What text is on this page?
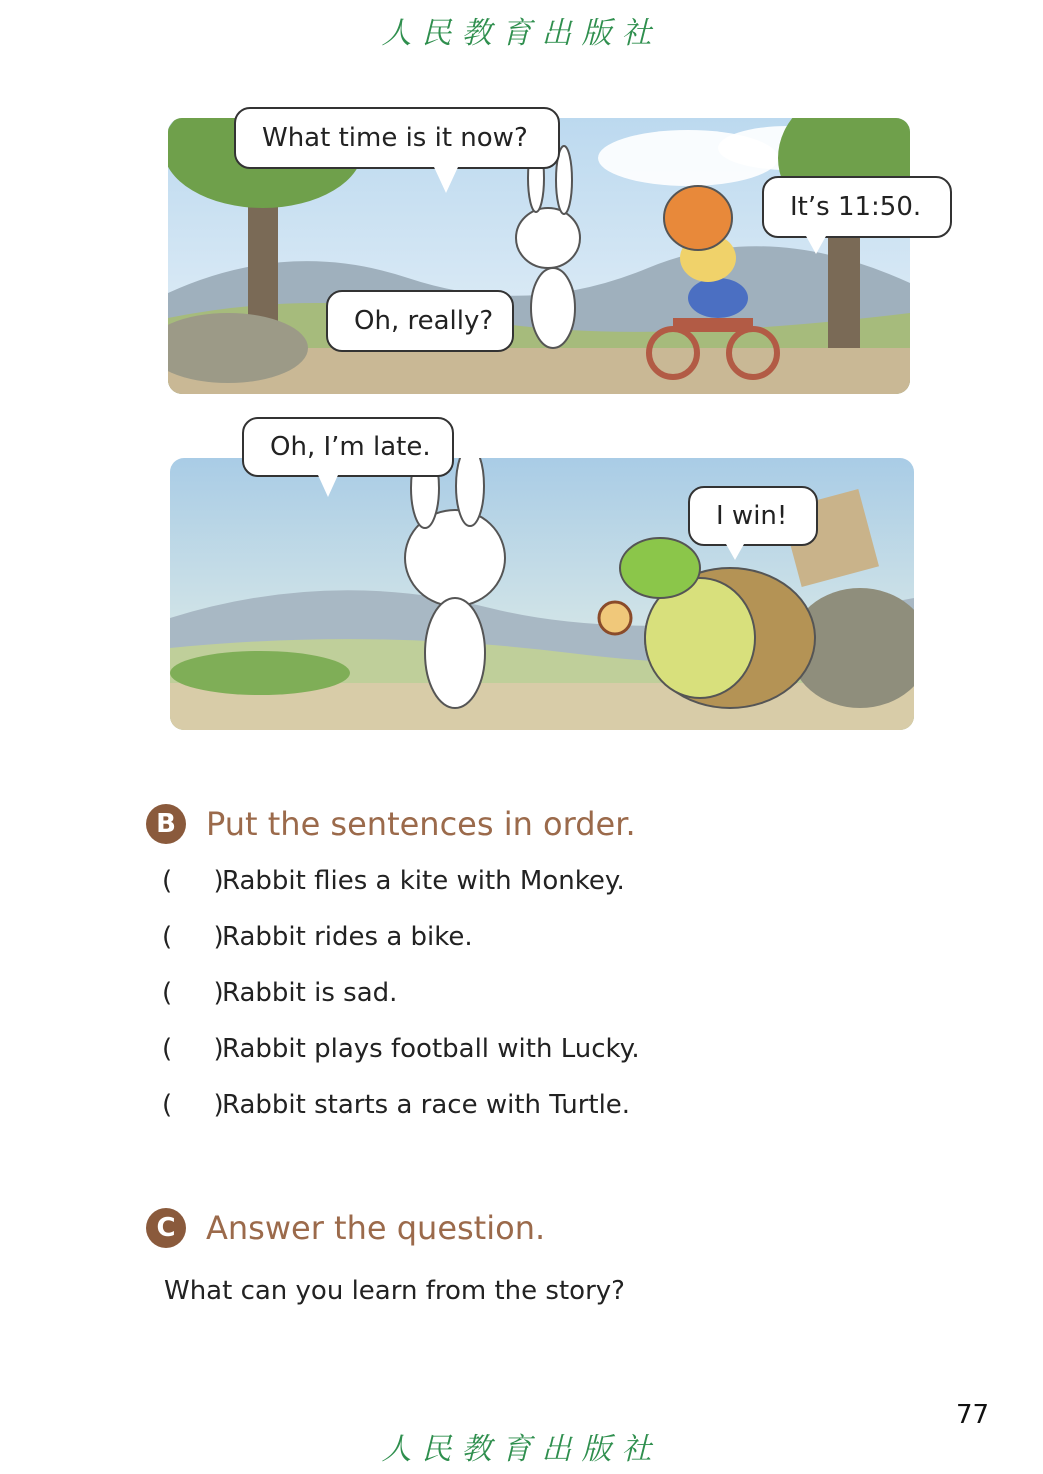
人民教育出版社
What time is it now?
It’s 11:50.
Oh, really?
Oh, I’m late.
I win!
B Put the sentences in order.
(     )
Rabbit flies a kite with Monkey.
(     )
Rabbit rides a bike.
(     )
Rabbit is sad.
(     )
Rabbit plays football with Lucky.
(     )
Rabbit starts a race with Turtle.
C Answer the question.
What can you learn from the story?
77
人民教育出版社
